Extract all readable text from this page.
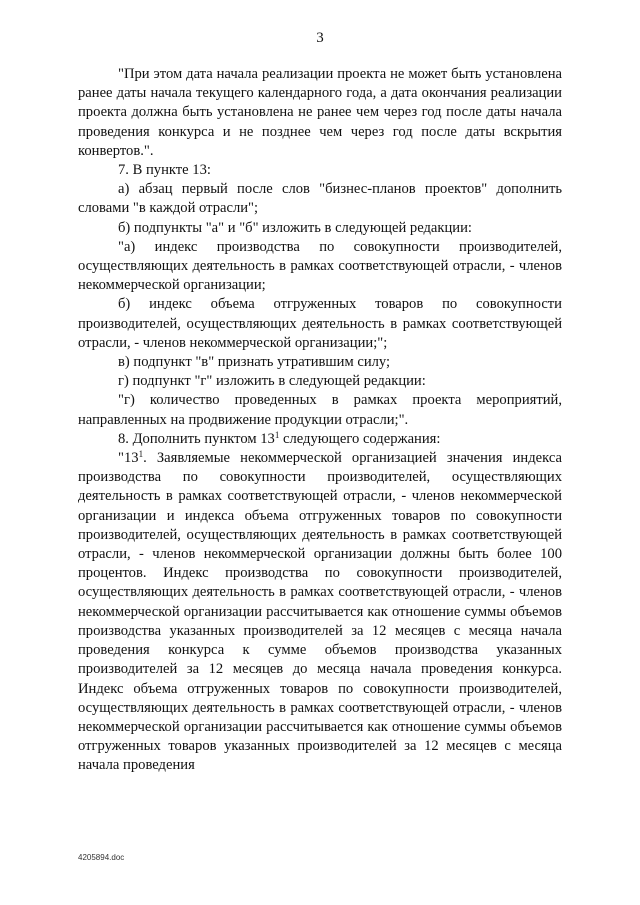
3

"При этом дата начала реализации проекта не может быть установлена ранее даты начала текущего календарного года, а дата окончания реализации проекта должна быть установлена не ранее чем через год после даты начала проведения конкурса и не позднее чем через год после даты вскрытия конвертов.".

7. В пункте 13:

а) абзац первый после слов "бизнес-планов проектов" дополнить словами "в каждой отрасли";

б) подпункты "а" и "б" изложить в следующей редакции:

"а) индекс производства по совокупности производителей, осуществляющих деятельность в рамках соответствующей отрасли, - членов некоммерческой организации;

б) индекс объема отгруженных товаров по совокупности производителей, осуществляющих деятельность в рамках соответствующей отрасли, - членов некоммерческой организации;";

в) подпункт "в" признать утратившим силу;

г) подпункт "г" изложить в следующей редакции:

"г) количество проведенных в рамках проекта мероприятий, направленных на продвижение продукции отрасли;".

8. Дополнить пунктом $13^1$ следующего содержания:

"$13^1$. Заявляемые некоммерческой организацией значения индекса производства по совокупности производителей, осуществляющих деятельность в рамках соответствующей отрасли, - членов некоммерческой организации и индекса объема отгруженных товаров по совокупности производителей, осуществляющих деятельность в рамках соответствующей отрасли, - членов некоммерческой организации должны быть более 100 процентов. Индекс производства по совокупности производителей, осуществляющих деятельность в рамках соответствующей отрасли, - членов некоммерческой организации рассчитывается как отношение суммы объемов производства указанных производителей за 12 месяцев с месяца начала проведения конкурса к сумме объемов производства указанных производителей за 12 месяцев до месяца начала проведения конкурса. Индекс объема отгруженных товаров по совокупности производителей, осуществляющих деятельность в рамках соответствующей отрасли, - членов некоммерческой организации рассчитывается как отношение суммы объемов отгруженных товаров указанных производителей за 12 месяцев с месяца начала проведения

4205894.doc
